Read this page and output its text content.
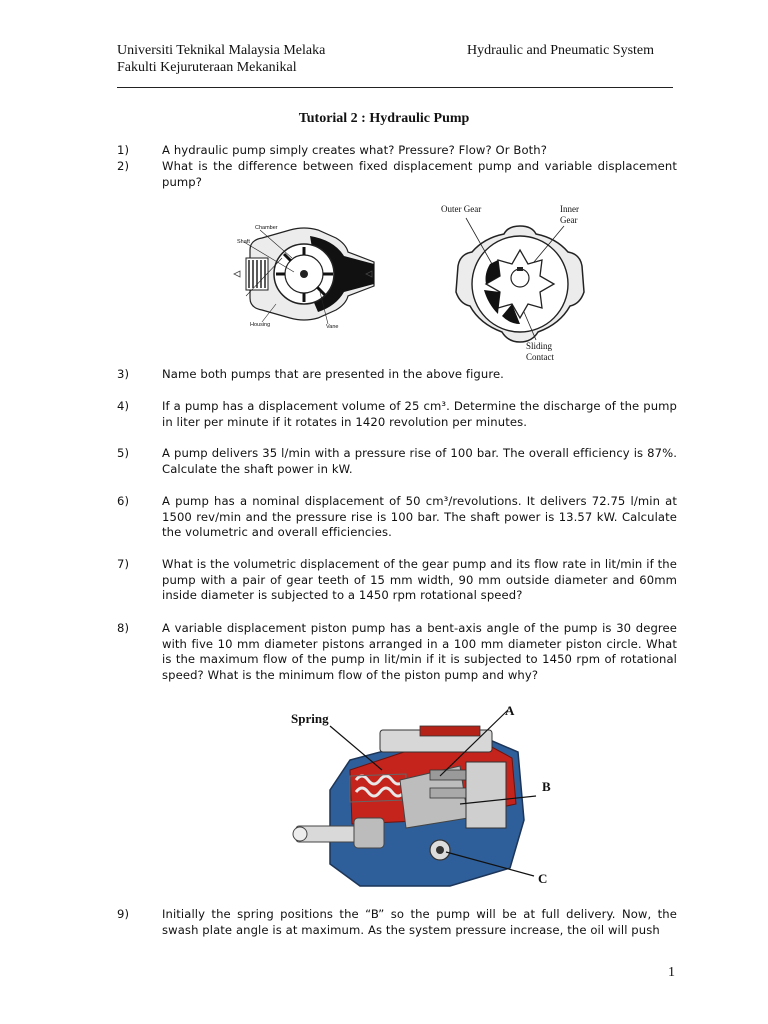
Universiti Teknikal Malaysia Melaka
Fakulti Kejuruteraan Mekanikal
Hydraulic and Pneumatic System
Tutorial 2 : Hydraulic Pump
1)	A hydraulic pump simply creates what? Pressure? Flow? Or Both?
2)	What is the difference between fixed displacement pump and variable displacement pump?
Chamber
Shaft
Housing	Vane
Outer Gear	Inner Gear
Sliding Contact
3)	Name both pumps that are presented in the above figure.
4)	If a pump has a displacement volume of 25 cm³. Determine the discharge of the pump in liter per minute if it rotates in 1420 revolution per minutes.
5)	A pump delivers 35 l/min with a pressure rise of 100 bar. The overall efficiency is 87%. Calculate the shaft power in kW.
6)	A pump has a nominal displacement of 50 cm³/revolutions. It delivers 72.75 l/min at 1500 rev/min and the pressure rise is 100 bar. The shaft power is 13.57 kW. Calculate the volumetric and overall efficiencies.
7)	What is the volumetric displacement of the gear pump and its flow rate in lit/min if the pump with a pair of gear teeth of 15 mm width, 90 mm outside diameter and 60mm inside diameter is subjected to a 1450 rpm rotational speed?
8)	A variable displacement piston pump has a bent-axis angle of the pump is 30 degree with five 10 mm diameter pistons arranged in a 100 mm diameter piston circle. What is the maximum flow of the pump in lit/min if it is subjected to 1450 rpm of rotational speed? What is the minimum flow of the piston pump and why?
Spring
A
B
C
9)	Initially the spring positions the “B” so the pump will be at full delivery. Now, the swash plate angle is at maximum. As the system pressure increase, the oil will push
1
